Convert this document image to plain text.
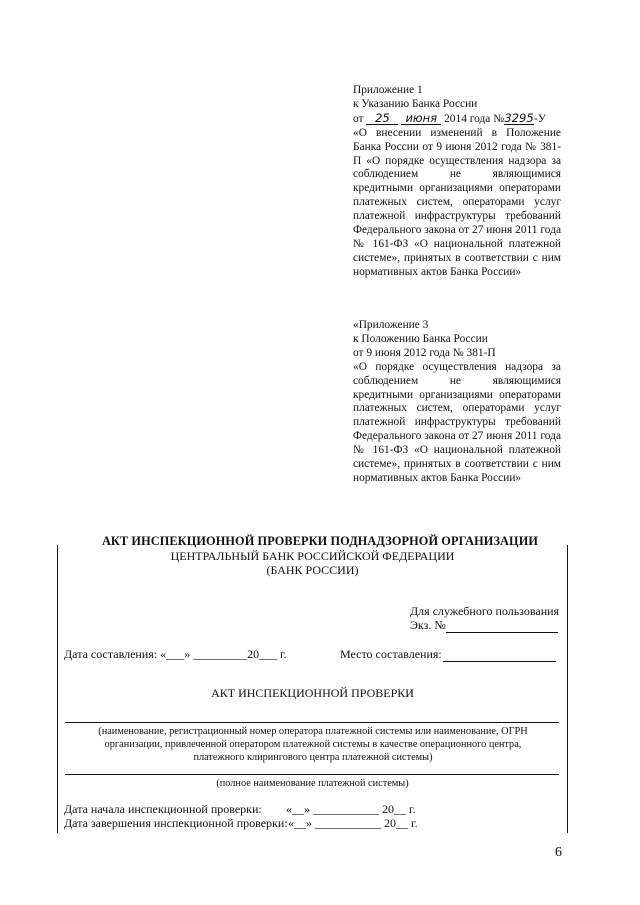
Приложение 1

к Указанию Банка России

от 25 июня 2014 года №3295-У

«О внесении изменений в Положение Банка России от 9 июня 2012 года № 381-П «О порядке осуществления надзора за соблюдением не являющимися кредитными организациями операторами платежных систем, операторами услуг платежной инфраструктуры требований Федерального закона от 27 июня 2011 года № 161-ФЗ «О национальной платежной системе», принятых в соответствии с ним нормативных актов Банка России»

«Приложение 3

к Положению Банка России

от 9 июня 2012 года № 381-П

«О порядке осуществления надзора за соблюдением не являющимися кредитными организациями операторами платежных систем, операторами услуг платежной инфраструктуры требований Федерального закона от 27 июня 2011 года № 161-ФЗ «О национальной платежной системе», принятых в соответствии с ним нормативных актов Банка России»

АКТ ИНСПЕКЦИОННОЙ ПРОВЕРКИ ПОДНАДЗОРНОЙ ОРГАНИЗАЦИИ
ЦЕНТРАЛЬНЫЙ БАНК РОССИЙСКОЙ ФЕДЕРАЦИИ
(БАНК РОССИИ)
Для служебного пользования
Экз. №
Дата составления: «___» _________20___ г.	Место составления:
АКТ ИНСПЕКЦИОННОЙ ПРОВЕРКИ
(наименование, регистрационный номер оператора платежной системы или наименование, ОГРН организации, привлеченной оператором платежной системы в качестве операционного центра, платежного клирингового центра платежной системы)
(полное наименование платежной системы)
Дата начала инспекционной проверки: «__» ___________ 20__ г.
Дата завершения инспекционной проверки: «__» ___________ 20__ г.
6
